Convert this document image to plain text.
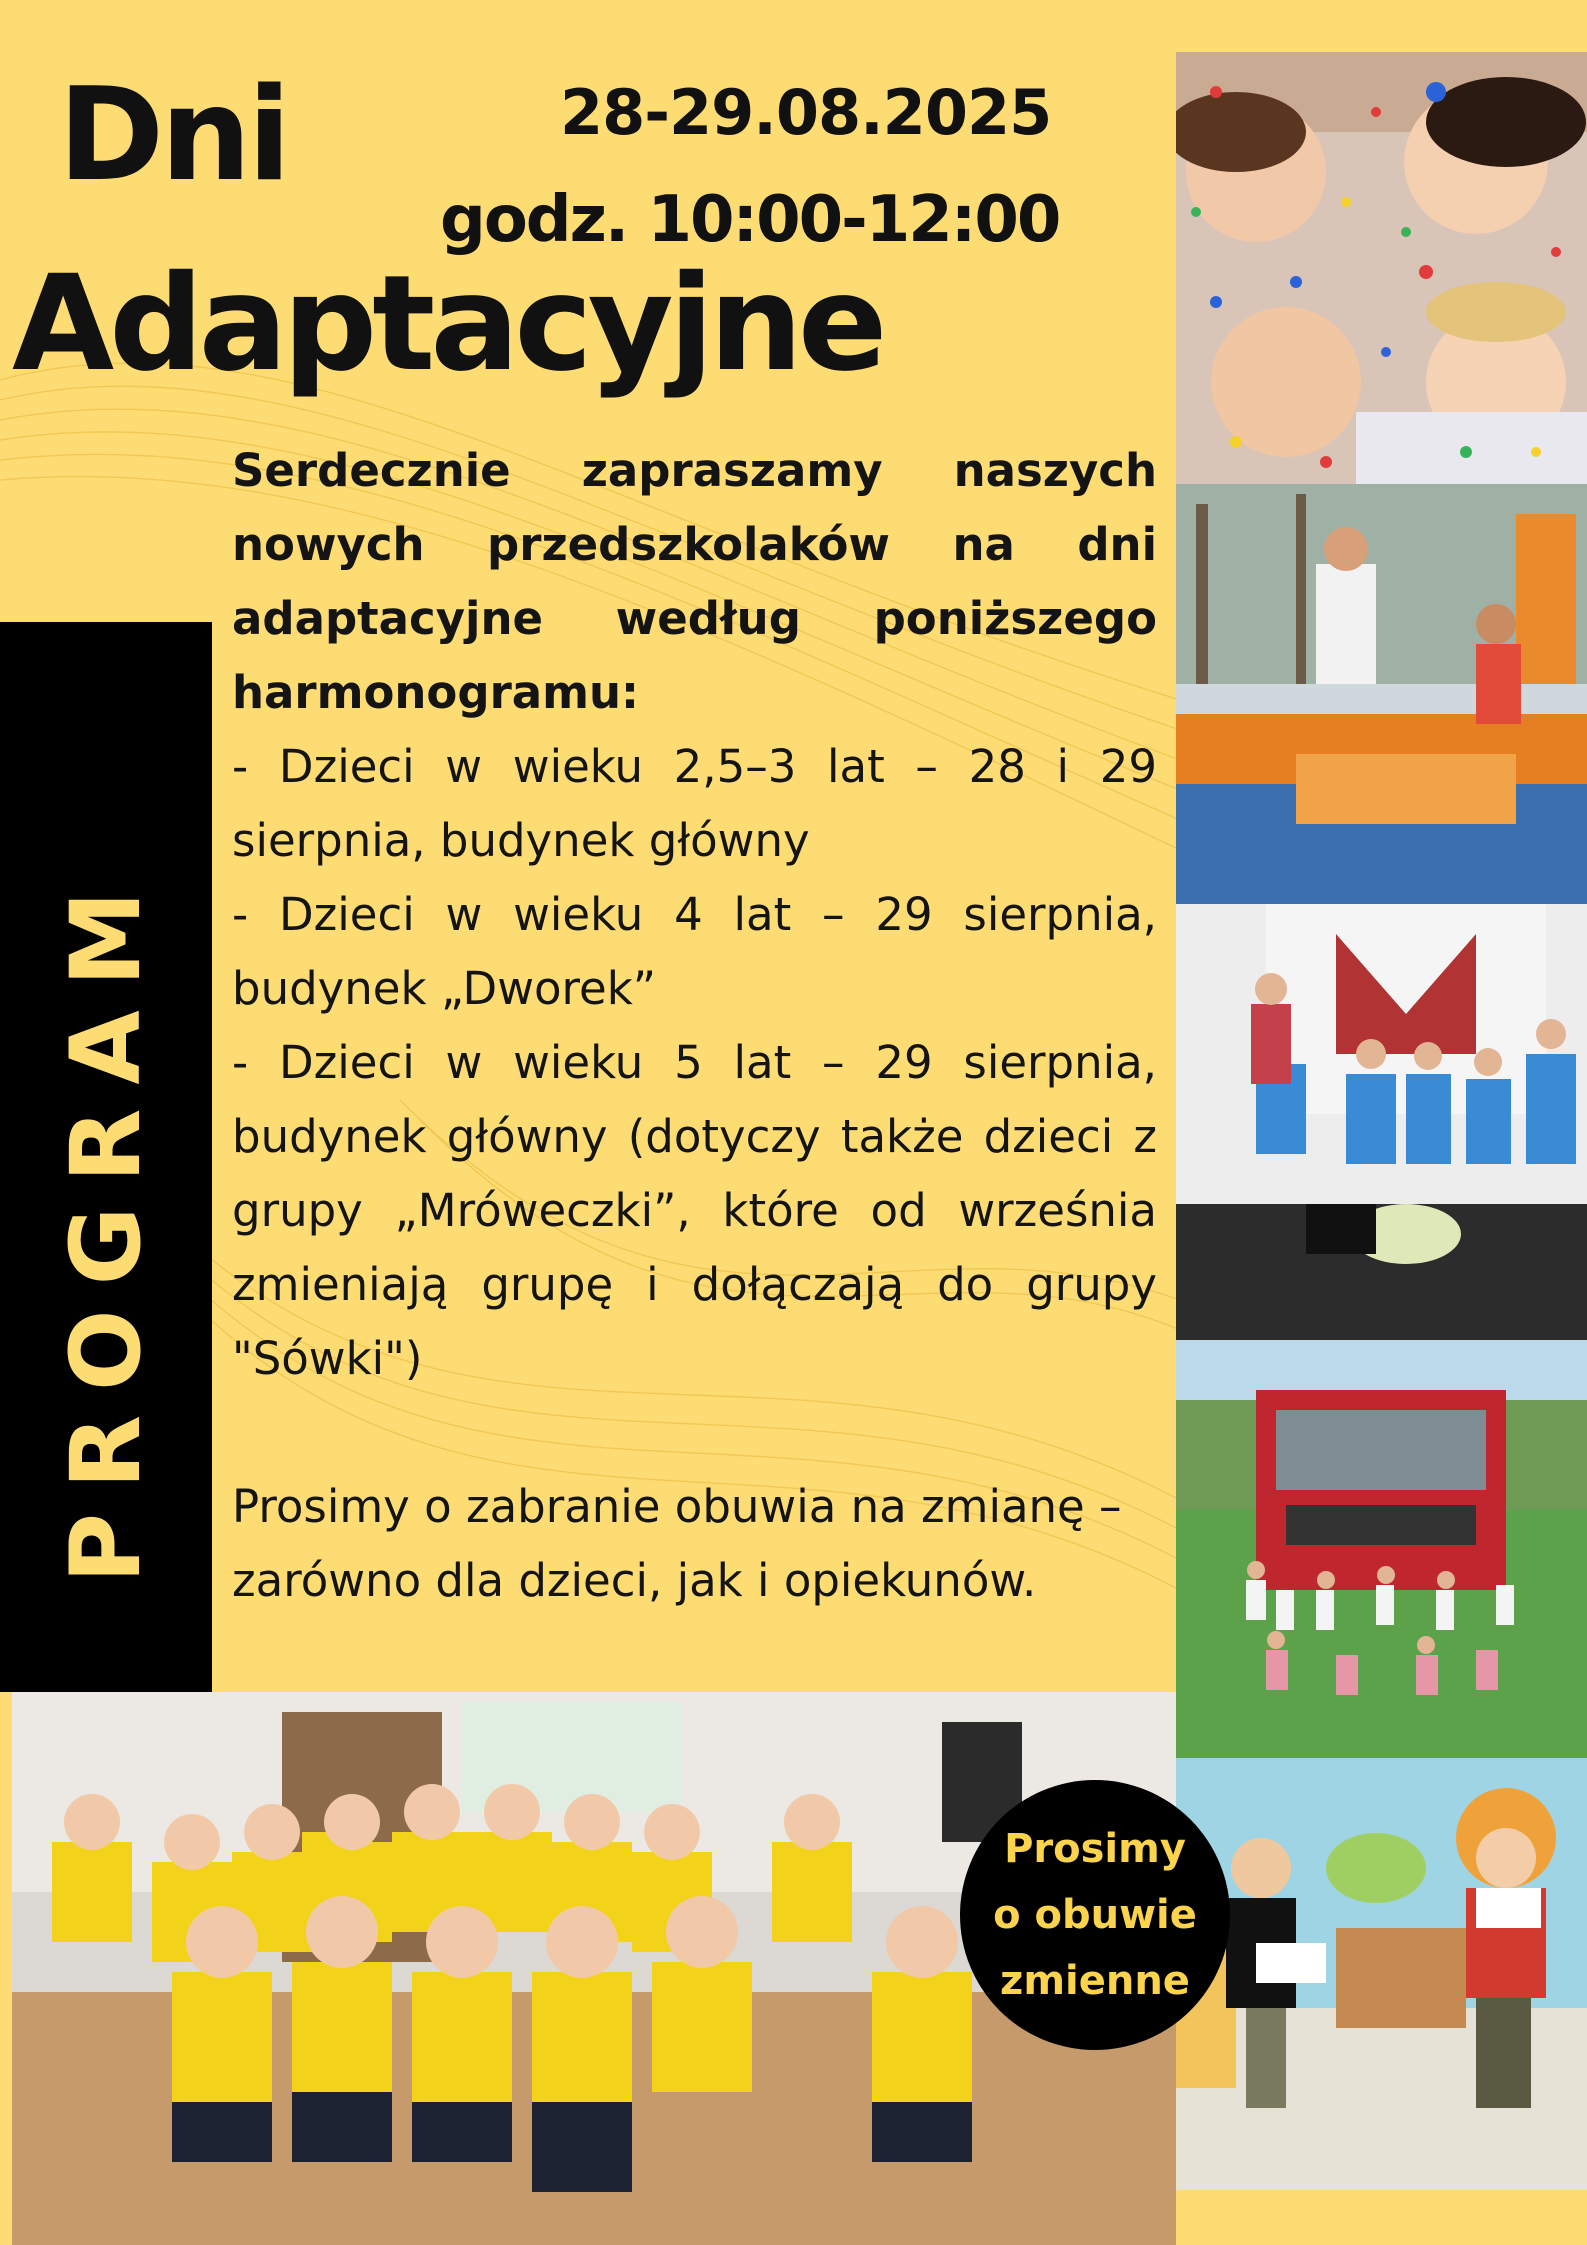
Dni
Adaptacyjne
28-29.08.2025
godz. 10:00-12:00
PROGRAM

Serdecznie zapraszamy naszych nowych przedszkolaków na dni adaptacyjne według poniższego harmonogramu:

- Dzieci w wieku 2,5–3 lat – 28 i 29 sierpnia, budynek główny

- Dzieci w wieku 4 lat – 29 sierpnia, budynek „Dworek”

- Dzieci w wieku 5 lat – 29 sierpnia, budynek główny (dotyczy także dzieci z grupy „Mróweczki”, które od września zmieniają grupę i dołączają do grupy "Sówki")

Prosimy o zabranie obuwia na zmianę – zarówno dla dzieci, jak i opiekunów.

Prosimy
o obuwie
zmienne
